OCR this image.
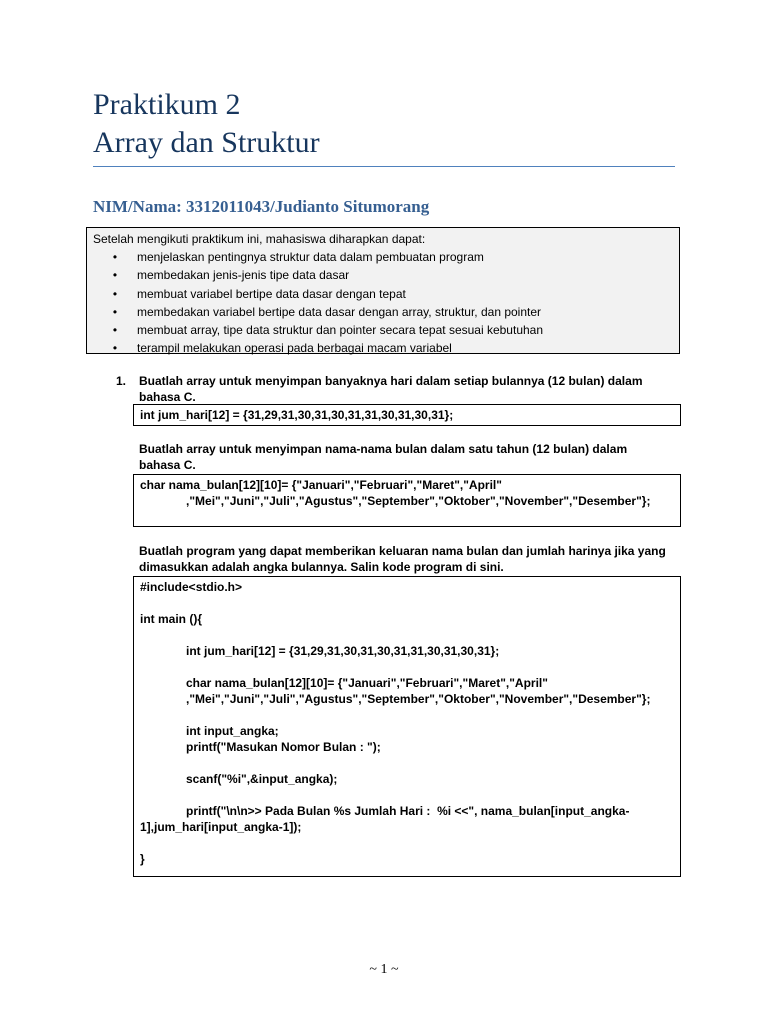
Praktikum 2
Array dan Struktur
NIM/Nama: 3312011043/Judianto Situmorang
Setelah mengikuti praktikum ini, mahasiswa diharapkan dapat:
•	menjelaskan pentingnya struktur data dalam pembuatan program
•	membedakan jenis-jenis tipe data dasar
•	membuat variabel bertipe data dasar dengan tepat
•	membedakan variabel bertipe data dasar dengan array, struktur, dan pointer
•	membuat array, tipe data struktur dan pointer secara tepat sesuai kebutuhan
•	terampil melakukan operasi pada berbagai macam variabel
1. Buatlah array untuk menyimpan banyaknya hari dalam setiap bulannya (12 bulan) dalam
bahasa C.
int jum_hari[12] = {31,29,31,30,31,30,31,31,30,31,30,31};
Buatlah array untuk menyimpan nama-nama bulan dalam satu tahun (12 bulan) dalam
bahasa C.
char nama_bulan[12][10]= {"Januari","Februari","Maret","April"
,"Mei","Juni","Juli","Agustus","September","Oktober","November","Desember"};
Buatlah program yang dapat memberikan keluaran nama bulan dan jumlah harinya jika yang
dimasukkan adalah angka bulannya. Salin kode program di sini.
#include<stdio.h>
int main (){
int jum_hari[12] = {31,29,31,30,31,30,31,31,30,31,30,31};
char nama_bulan[12][10]= {"Januari","Februari","Maret","April"
,"Mei","Juni","Juli","Agustus","September","Oktober","November","Desember"};
int input_angka;
printf("Masukan Nomor Bulan : ");
scanf("%i",&input_angka);
printf("\n\n>> Pada Bulan %s Jumlah Hari :  %i <<", nama_bulan[input_angka-
1],jum_hari[input_angka-1]);
}
~ 1 ~
